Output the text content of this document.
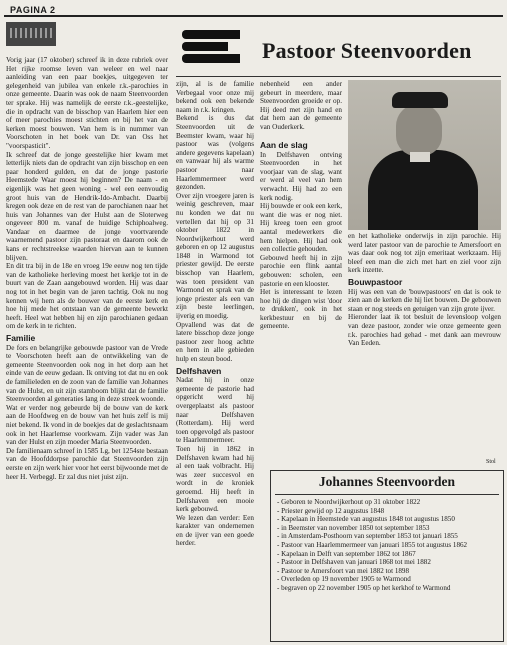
PAGINA 2
Pastoor Steenvoorden

Vorig jaar (17 oktober) schreef ik in deze rubriek over Het rijke roomse leven van weleer en wel naar aanleiding van een paar boekjes, uitgegeven ter gelegenheid van jubilea van enkele r.k.-parochies in onze gemeente. Daarin was ook de naam Steenvoorden ter sprake. Hij was namelijk de eerste r.k.-geestelijke, die in opdracht van de bisschop van Haarlem hier een of meer parochies moest stichten en bij het van de kerken moest bouwen. Van hem is in nummer van Voorschoten in het boek van Dr. van Oss het "voorspasticit".

Ik schreef dat de jonge geestelijke hier kwam met letterlijk niets dan de opdracht van zijn bisschop en een paar honderd gulden, en dat de jonge pastorie Heemstede Waar moest hij beginnen? De naam - en eigenlijk was het geen woning - wel een eenvoudig groot huis van de Hendrik-Ido-Ambacht. Daarbij kregen ook deze en de rest van de parochianen naar het huis van Johannes van der Hulst aan de Sloterweg ongeveer 800 m. vanaf de huidige Schiphoalweg. Vandaar en daarmee de jonge voortvarende waarnemend pastoor zijn pastoraat en daarom ook de kans er rechtstreekse waarden hiervan aan te kunnen blijven.

En dit tra bij in de 18e en vroeg 19e eeuw nog ten tijde van de katholieke herleving moest het kerkje tot in de buurt van de Zaan aangebouwd worden. Hij was daar nog tot in het begin van de jaren tachtig. Ook nu nog kennen wij hem als de bouwer van de eerste kerk en hoe hij mede het ontstaan van de gemeente bewerkt heeft. Heel wat hebben hij en zijn parochianen gedaan om de kerk in te richten.

Familie

De fors en belangrijke gebouwde pastoor van de Vrede te Voorschoten heeft aan de ontwikkeling van de gemeente Steenvoorden ook nog in het dorp aan het einde van de eeuw gedaan. Ik ontving tot dat nu en ook de familieleden en de zoon van de familie van Johannes van de Hulst, en uit zijn stamboom blijkt dat de familie Steenvoorden al generaties lang in deze streek woonde.

Wat er verder nog gebeurde bij de bouw van de kerk aan de Hoofdweg en de bouw van het huis zelf is mij niet bekend. Ik vond in de boekjes dat de geslachtsnaam ook in het Haarlemse voorkwam. Zijn vader was Jan van der Hulst en zijn moeder Maria Steenvoorden.

De familienaam schreef in 1585 Lg, bet 1254ste bestaan van de Hoofddorpse parochie dat Steenvoorden zijn eerste en zijn werk hier voor het eerst bijwoonde met de heer H. Verbeggl. Er zal dus niet juist zijn.

zijn, al is de familie Verbegaal voor onze mij bekend ook een bekende naam in r.k. kringen.

Bekend is dus dat Steenvoorden uit de Beemster kwam, waar hij pastoor was (volgens andere gegevens kapelaan) en vanwaar hij als warme pastoor naar Haarlemmermeer werd gezonden.

Over zijn vroegere jaren is weinig geschreven, maar nu konden we dat nu vertellen dat hij op 31 oktober 1822 in Noordwijkerhout werd geboren en op 12 augustus 1848 in Warmond tot priester gewijd. De eerste bisschop van Haarlem, was toen president van Warmond en sprak van de jonge priester als een van zijn beste leerlingen, ijverig en moedig.

Opvallend was dat de latere bisschop deze jonge pastoor zeer hoog achtte en hem in alle gebieden hulp en steun bood.

Delfshaven

Nadat hij in onze gemeente de pastorie had opgericht werd hij overgeplaatst als pastoor naar Delfshaven (Rotterdam). Hij werd toen opgevolgd als pastoor te Haarlemmermeer.

Toen hij in 1862 in Delfshaven kwam had hij al een taak volbracht. Hij was zeer succesvol en wordt in de kroniek geroemd. Hij heeft in Delfshaven een mooie kerk gebouwd.

We lezen dan verder: Een karakter van ondernemen en de ijver van een goede herder.

nebenheid een ander gebeurt in meerdere, maar Steenvoorden groeide er op. Hij deed met zijn hand en dat hem aan de gemeente van Ouderkerk.

Aan de slag

In Delfshaven ontving Steenvoorden in het voorjaar van de slag, want er werd al veel van hem verwacht. Hij had zo een kerk nodig.

Hij bouwde er ook een kerk, want die was er nog niet. Hij kreeg toen een groot aantal medewerkers die hem hielpen. Hij had ook een collectie gehouden.

Gebouwd heeft hij in zijn parochie een flink aantal gebouwen: scholen, een pastorie en een klooster.

Het is interessant te lezen hoe hij de dingen wist 'door te drukken', ook in het kerkbestuur en bij de gemeente.

en het katholieke onderwijs in zijn parochie. Hij werd later pastoor van de parochie te Amersfoort en was daar ook nog tot zijn emeritaat werkzaam. Hij bleef een man die zich met hart en ziel voor zijn kerk inzette.

Bouwpastoor

Hij was een van de 'bouwpastoors' en dat is ook te zien aan de kerken die hij liet bouwen. De gebouwen staan er nog steeds en getuigen van zijn grote ijver.

Hieronder laat ik tot besluit de levensloop volgen van deze pastoor, zonder wie onze gemeente geen r.k. parochies had gehad - met dank aan mevrouw Van Eeden.

Stol
Johannes Steenvoorden
- Geboren te Noordwijkerhout op 31 oktober 1822
- Priester gewijd op 12 augustus 1848
- Kapelaan in Heemstede van augustus 1848 tot augustus 1850
- in Beemster van november 1850 tot september 1853
- in Amsterdam-Posthoorn van september 1853 tot januari 1855
- Pastoor van Haarlemmermeer van januari 1855 tot augustus 1862
- Kapelaan in Delft van september 1862 tot 1867
- Pastoor in Delfshaven van januari 1868 tot mei 1882
- Pastoor te Amersfoort van mei 1882 tot 1898
- Overleden op 19 november 1905 te Warmond
- begraven op 22 november 1905 op het kerkhof te Warmond
